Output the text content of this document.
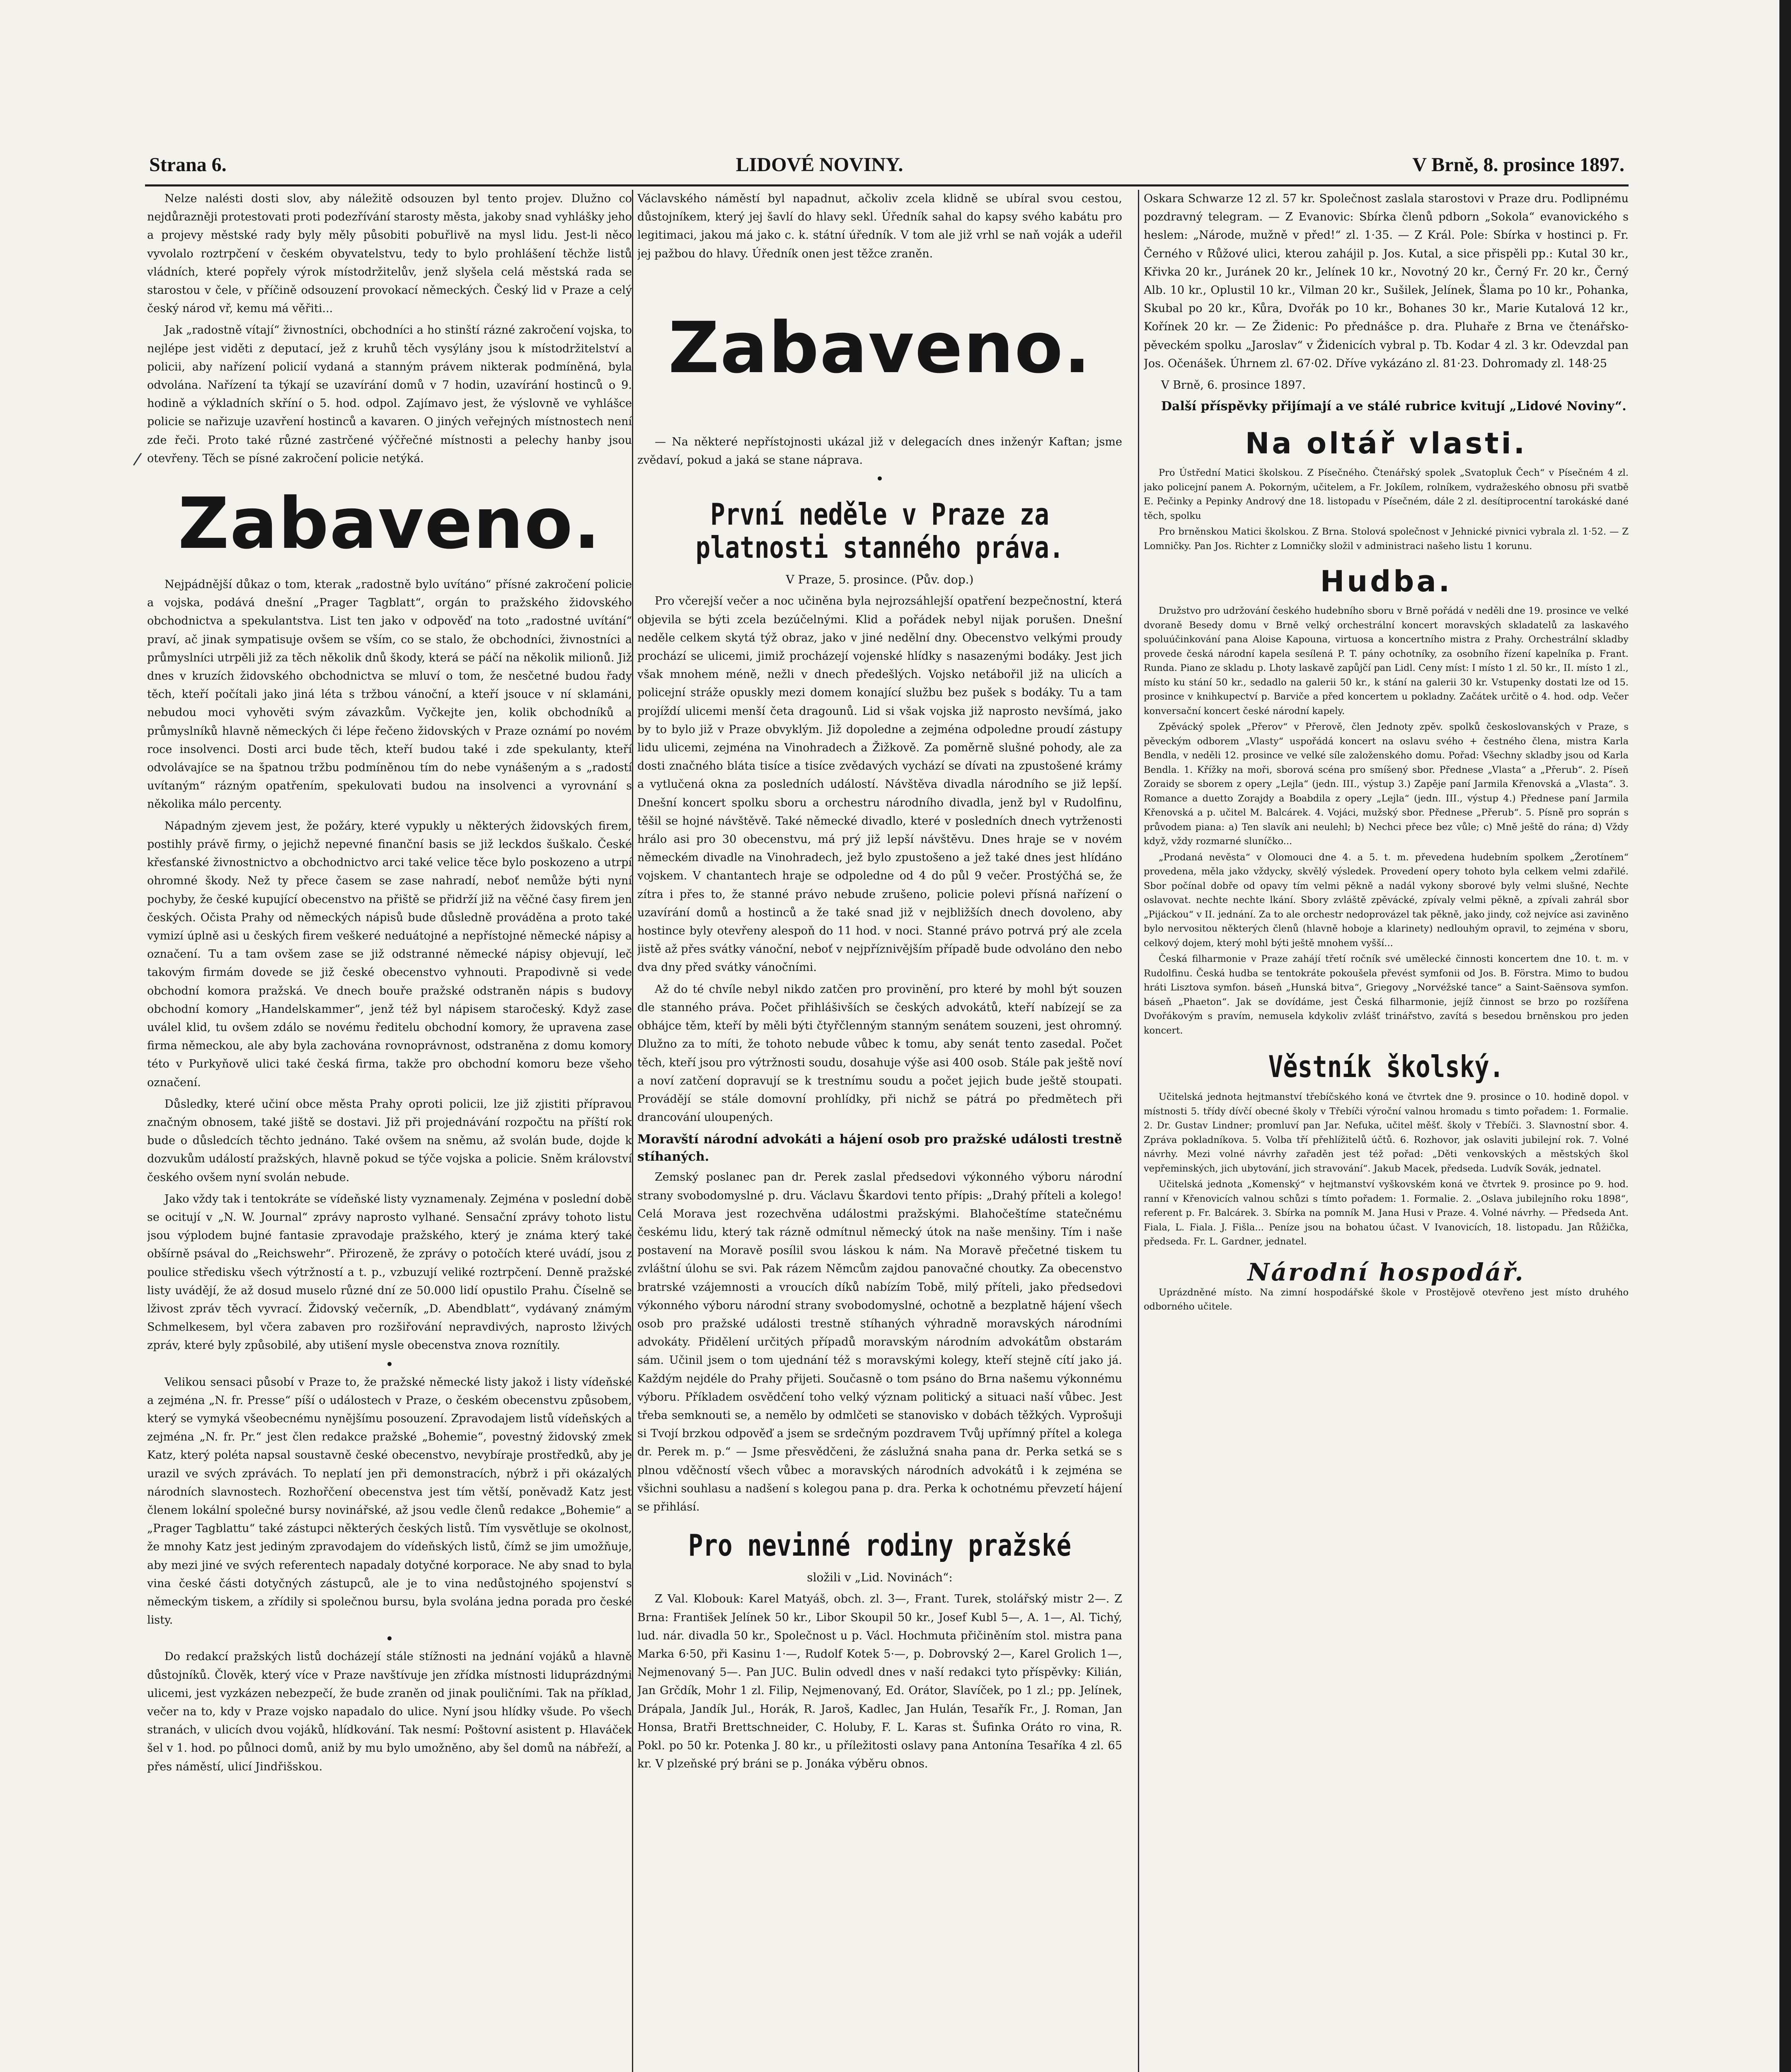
Strana 6.	LIDOVÉ NOVINY.	V Brně, 8. prosince 1897.
/

Nelze nalésti dosti slov, aby náležitě odsouzen byl tento projev. Dlužno co nejdůrazněji protestovati proti podezřívání starosty města, jakoby snad vyhlášky jeho a projevy městské rady byly měly působiti pobuřlivě na mysl lidu. Jest-li něco vyvolalo roztrpčení v českém obyvatelstvu, tedy to bylo prohlášení těchže listů vládních, které popřely výrok místodržitelův, jenž slyšela celá městská rada se starostou v čele, v příčině odsouzení provokací německých. Český lid v Praze a celý český národ vř, kemu má věřiti...

Jak „radostně vítají“ živnostníci, obchodníci a ho stinští rázné zakročení vojska, to nejlépe jest viděti z deputací, jež z kruhů těch vysýlány jsou k místodržitelství a policii, aby nařízení policií vydaná a stanným právem nikterak podmíněná, byla odvolána. Nařízení ta týkají se uzavírání domů v 7 hodin, uzavírání hostinců o 9. hodině a výkladních skříní o 5. hod. odpol. Zajímavo jest, že výslovně ve vyhlášce policie se nařizuje uzavření hostinců a kavaren. O jiných veřejných místnostech není zde řeči. Proto také různé zastrčené výčřečné místnosti a pelechy hanby jsou otevřeny. Těch se písné zakročení policie netýká.

Zabaveno.

Nejpádnější důkaz o tom, kterak „radostně bylo uvítáno“ přísné zakročení policie a vojska, podává dnešní „Prager Tagblatt“, orgán to pražského židovského obchodnictva a spekulantstva. List ten jako v odpověď na toto „radostné uvítání“ praví, ač jinak sympatisuje ovšem se vším, co se stalo, že obchodníci, živnostníci a průmyslníci utrpěli již za těch několik dnů škody, která se páčí na několik milionů. Již dnes v kruzích židovského obchodnictva se mluví o tom, že nesčetné budou řady těch, kteří počítali jako jiná léta s tržbou vánoční, a kteří jsouce v ní sklamáni, nebudou moci vyhověti svým závazkům. Vyčkejte jen, kolik obchodníků a průmyslníků hlavně německých či lépe řečeno židovských v Praze oznámí po novém roce insolvenci. Dosti arci bude těch, kteří budou také i zde spekulanty, kteří odvolávajíce se na špatnou tržbu podmíněnou tím do nebe vynášeným a s „radostí uvítaným“ rázným opatřením, spekulovati budou na insolvenci a vyrovnání s několika málo percenty.

Nápadným zjevem jest, že požáry, které vypukly u některých židovských firem, postihly právě firmy, o jejichž nepevné finanční basis se již leckdos šuškalo. České křesťanské živnostnictvo a obchodnictvo arci také velice těce bylo poskozeno a utrpí ohromné škody. Než ty přece časem se zase nahradí, neboť nemůže býti nyní pochyby, že české kupující obecenstvo na přiště se přidrží již na věčné časy firem jen českých. Očista Prahy od německých nápisů bude důsledně prováděna a proto také vymizí úplně asi u českých firem veškeré neduátojné a nepřístojné německé nápisy a označení. Tu a tam ovšem zase se již odstranné německé nápisy objevují, leč takovým firmám dovede se již české obecenstvo vyhnouti. Prapodivně si vede obchodní komora pražská. Ve dnech bouře pražské odstraněn nápis s budovy obchodní komory „Handelskammer“, jenž též byl nápisem staročeský. Když zase uválel klid, tu ovšem zdálo se novému ředitelu obchodní komory, že upravena zase firma německou, ale aby byla zachována rovnoprávnost, odstraněna z domu komory této v Purkyňově ulici také česká firma, takže pro obchodní komoru beze všeho označení.

Důsledky, které učiní obce města Prahy oproti policii, lze již zjistiti přípravou značným obnosem, také jiště se dostavi. Již při projednávání rozpočtu na příští rok bude o důsledcích těchto jednáno. Také ovšem na sněmu, až svolán bude, dojde k dozvukům událostí pražských, hlavně pokud se týče vojska a policie. Sněm království českého ovšem nyní svolán nebude.

Jako vždy tak i tentokráte se vídeňské listy vyznamenaly. Zejména v poslední době se ocitují v „N. W. Journal“ zprávy naprosto vylhané. Sensační zprávy tohoto listu jsou výplodem bujné fantasie zpravodaje pražského, který je známa který také obšírně psával do „Reichswehr“. Přirozeně, že zprávy o potočích které uvádí, jsou z poulice středisku všech výtržností a t. p., vzbuzují veliké roztrpčení. Denně pražské listy uvádějí, že až dosud muselo různé dní ze 50.000 lidí opustilo Prahu. Číselně se lživost zpráv těch vyvrací. Židovský večerník, „D. Abendblatt“, vydávaný známým Schmelkesem, byl včera zabaven pro rozšiřování nepravdivých, naprosto lživých zpráv, které byly způsobilé, aby utišení mysle obecenstva znova roznítily.

•

Velikou sensaci působí v Praze to, že pražské německé listy jakož i listy vídeňské a zejména „N. fr. Presse“ píší o událostech v Praze, o českém obecenstvu způsobem, který se vymyká všeobecnému nynějšímu posouzení. Zpravodajem listů vídeňských a zejména „N. fr. Pr.“ jest člen redakce pražské „Bohemie“, povestný židovský zmek Katz, který poléta napsal soustavně české obecenstvo, nevybíraje prostředků, aby je urazil ve svých zprávách. To neplatí jen při demonstracích, nýbrž i při okázalých národních slavnostech. Rozhořčení obecenstva jest tím větší, poněvadž Katz jest členem lokální společné bursy novinářské, až jsou vedle členů redakce „Bohemie“ a „Prager Tagblattu“ také zástupci některých českých listů. Tím vysvětluje se okolnost, že mnohy Katz jest jediným zpravodajem do vídeňských listů, čímž se jim umožňuje, aby mezi jiné ve svých referentech napadaly dotyčné korporace. Ne aby snad to byla vina české části dotyčných zástupců, ale je to vina nedůstojného spojenství s německým tiskem, a zřídily si společnou bursu, byla svolána jedna porada pro české listy.

•

Do redakcí pražských listů docházejí stále stížnosti na jednání vojáků a hlavně důstojníků. Člověk, který více v Praze navštívuje jen zřídka místnosti liduprázdnými ulicemi, jest vyzkázen nebezpečí, že bude zraněn od jinak pouličními. Tak na příklad, večer na to, kdy v Praze vojsko napadalo do ulice. Nyní jsou hlídky všude. Po všech stranách, v ulicích dvou vojáků, hlídkování. Tak nesmí: Poštovní asistent p. Hlaváček šel v 1. hod. po půlnoci domů, aniž by mu bylo umožněno, aby šel domů na nábřeží, a přes náměstí, ulicí Jindřišskou.

Václavského náměstí byl napadnut, ačkoliv zcela klidně se ubíral svou cestou, důstojníkem, který jej šavlí do hlavy sekl. Úředník sahal do kapsy svého kabátu pro legitimaci, jakou má jako c. k. státní úředník. V tom ale již vrhl se naň voják a udeřil jej pažbou do hlavy. Úředník onen jest těžce zraněn.

Zabaveno.

— Na některé nepřístojnosti ukázal již v delegacích dnes inženýr Kaftan; jsme zvědaví, pokud a jaká se stane náprava.

•
První neděle v Praze za platnosti stanného práva.
V Praze, 5. prosince. (Pův. dop.)

Pro včerejší večer a noc učiněna byla nejrozsáhlejší opatření bezpečnostní, která objevila se býti zcela bezúčelnými. Klid a pořádek nebyl nijak porušen. Dnešní neděle celkem skytá týž obraz, jako v jiné nedělní dny. Obecenstvo velkými proudy prochází se ulicemi, jimiž procházejí vojenské hlídky s nasazenými bodáky. Jest jich však mnohem méně, nežli v dnech předešlých. Vojsko netábořil již na ulicích a policejní stráže opuskly mezi domem konající službu bez pušek s bodáky. Tu a tam projíždí ulicemi menší četa dragounů. Lid si však vojska již naprosto nevšímá, jako by to bylo již v Praze obvyklým. Již dopoledne a zejména odpoledne proudí zástupy lidu ulicemi, zejména na Vinohradech a Žižkově. Za poměrně slušné pohody, ale za dosti značného bláta tisíce a tisíce zvědavých vychází se dívati na zpustošené krámy a vytlučená okna za posledních událostí. Návštěva divadla národního se již lepší. Dnešní koncert spolku sboru a orchestru národního divadla, jenž byl v Rudolfinu, těšil se hojné návštěvě. Také německé divadlo, které v posledních dnech vytrženosti hrálo asi pro 30 obecenstvu, má prý již lepší návštěvu. Dnes hraje se v novém německém divadle na Vinohradech, jež bylo zpustošeno a jež také dnes jest hlídáno vojskem. V chantantech hraje se odpoledne od 4 do půl 9 večer. Prostýčhá se, že zítra i přes to, že stanné právo nebude zrušeno, policie polevi přísná nařízení o uzavírání domů a hostinců a že také snad již v nejbližších dnech dovoleno, aby hostince byly otevřeny alespoň do 11 hod. v noci. Stanné právo potrvá prý ale zcela jistě až přes svátky vánoční, neboť v nejpříznivějším případě bude odvoláno den nebo dva dny před svátky vánočními.

Až do té chvíle nebyl nikdo zatčen pro provinění, pro které by mohl být souzen dle stanného práva. Počet přihlášivších se českých advokátů, kteří nabízejí se za obhájce těm, kteří by měli býti čtyřčlenným stanným senátem souzeni, jest ohromný. Dlužno za to míti, že tohoto nebude vůbec k tomu, aby senát tento zasedal. Počet těch, kteří jsou pro výtržnosti soudu, dosahuje výše asi 400 osob. Stále pak ještě noví a noví zatčení dopravují se k trestnímu soudu a počet jejich bude ještě stoupati. Provádějí se stále domovní prohlídky, při nichž se pátrá po předmětech při drancování uloupených.

Moravští národní advokáti a hájení osob pro pražské události trestně stíhaných.

Zemský poslanec pan dr. Perek zaslal předsedovi výkonného výboru národní strany svobodomyslné p. dru. Václavu Škardovi tento přípis: „Drahý příteli a kolego! Celá Morava jest rozechvěna událostmi pražskými. Blahočeštíme statečnému českému lidu, který tak rázně odmítnul německý útok na naše menšiny. Tím i naše postavení na Moravě posílil svou láskou k nám. Na Moravě přečetné tiskem tu zvláštní úlohu se svi. Pak rázem Němcům zajdou panovačné choutky. Za obecenstvo bratrské vzájemnosti a vroucích díků nabízím Tobě, milý příteli, jako předsedovi výkonného výboru národní strany svobodomyslné, ochotně a bezplatně hájení všech osob pro pražské události trestně stíhaných výhradně moravských národními advokáty. Přidělení určitých případů moravským národním advokátům obstarám sám. Učinil jsem o tom ujednání též s moravskými kolegy, kteří stejně cítí jako já. Každým nejdéle do Prahy přijeti. Současně o tom psáno do Brna našemu výkonnému výboru. Příkladem osvědčení toho velký význam politický a situaci naší vůbec. Jest třeba semknouti se, a nemělo by odmlčeti se stanovisko v dobách těžkých. Vyprošuji si Tvojí brzkou odpověď a jsem se srdečným pozdravem Tvůj upřímný přítel a kolega dr. Perek m. p.“ — Jsme přesvědčeni, že záslužná snaha pana dr. Perka setká se s plnou vděčností všech vůbec a moravských národních advokátů i k zejména se všichni souhlasu a nadšení s kolegou pana p. dra. Perka k ochotnému převzetí hájení se přihlásí.

Pro nevinné rodiny pražské
složili v „Lid. Novinách“:

Z Val. Klobouk: Karel Matyáš, obch. zl. 3—, Frant. Turek, stolářský mistr 2—. Z Brna: František Jelínek 50 kr., Libor Skoupil 50 kr., Josef Kubl 5—, A. 1—, Al. Tichý, lud. nár. divadla 50 kr., Společnost u p. Václ. Hochmuta přičiněním stol. mistra pana Marka 6·50, při Kasinu 1·—, Rudolf Kotek 5·—, p. Dobrovský 2—, Karel Grolich 1—, Nejmenovaný 5—. Pan JUC. Bulin odvedl dnes v naší redakci tyto příspěvky: Kilián, Jan Grčdík, Mohr 1 zl. Filip, Nejmenovaný, Ed. Orátor, Slavíček, po 1 zl.; pp. Jelínek, Drápala, Jandík Jul., Horák, R. Jaroš, Kadlec, Jan Hulán, Tesařík Fr., J. Roman, Jan Honsa, Bratři Brettschneider, C. Holuby, F. L. Karas st. Šufinka Oráto ro vina, R. Pokl. po 50 kr. Potenka J. 80 kr., u příležitosti oslavy pana Antonína Tesaříka 4 zl. 65 kr. V plzeňské prý bráni se p. Jonáka výběru obnos.

Oskara Schwarze 12 zl. 57 kr. Společnost zaslala starostovi v Praze dru. Podlipnému pozdravný telegram. — Z Evanovic: Sbírka členů pdborn „Sokola“ evanovického s heslem: „Národe, mužně v před!“ zl. 1·35. — Z Král. Pole: Sbírka v hostinci p. Fr. Černého v Růžové ulici, kterou zahájil p. Jos. Kutal, a sice přispěli pp.: Kutal 30 kr., Křivka 20 kr., Juránek 20 kr., Jelínek 10 kr., Novotný 20 kr., Černý Fr. 20 kr., Černý Alb. 10 kr., Oplustil 10 kr., Vilman 20 kr., Sušilek, Jelínek, Šlama po 10 kr., Pohanka, Skubal po 20 kr., Kůra, Dvořák po 10 kr., Bohanes 30 kr., Marie Kutalová 12 kr., Kořínek 20 kr. — Ze Židenic: Po přednášce p. dra. Pluhaře z Brna ve čtenářsko-pěveckém spolku „Jaroslav“ v Židenicích vybral p. Tb. Kodar 4 zl. 3 kr. Odevzdal pan Jos. Očenášek. Úhrnem zl. 67·02. Dříve vykázáno zl. 81·23. Dohromady zl. 148·25

V Brně, 6. prosince 1897.

Další příspěvky přijímají a ve stálé rubrice kvitují „Lidové Noviny“.

Na oltář vlasti.

Pro Ústřední Matici školskou. Z Písečného. Čtenářský spolek „Svatopluk Čech“ v Písečném 4 zl. jako policejní panem A. Pokorným, učitelem, a Fr. Jokílem, rolníkem, vydražeského obnosu při svatbě E. Pečinky a Pepinky Andrový dne 18. listopadu v Písečném, dále 2 zl. desítiprocentní tarokáské dané těch, spolku

Pro brněnskou Matici školskou. Z Brna. Stolová společnost v Jehnické pivnici vybrala zl. 1·52. — Z Lomničky. Pan Jos. Richter z Lomničky složil v administraci našeho listu 1 korunu.

Hudba.

Družstvo pro udržování českého hudebního sboru v Brně pořádá v neděli dne 19. prosince ve velké dvoraně Besedy domu v Brně velký orchestrální koncert moravských skladatelů za laskavého spoluúčinkování pana Aloise Kapouna, virtuosa a koncertního mistra z Prahy. Orchestrální skladby provede česká národní kapela sesílená P. T. pány ochotníky, za osobního řízení kapelníka p. Frant. Runda. Piano ze skladu p. Lhoty laskavě zapůjčí pan Lidl. Ceny míst: I místo 1 zl. 50 kr., II. místo 1 zl., místo ku stání 50 kr., sedadlo na galerii 50 kr., k stání na galerii 30 kr. Vstupenky dostati lze od 15. prosince v knihkupectví p. Barviče a před koncertem u pokladny. Začátek určitě o 4. hod. odp. Večer konversační koncert české národní kapely.

Zpěvácký spolek „Přerov“ v Přerově, člen Jednoty zpěv. spolků českoslovanských v Praze, s pěveckým odborem „Vlasty“ uspořádá koncert na oslavu svého + čestného člena, mistra Karla Bendla, v neděli 12. prosince ve velké síle založenského domu. Pořad: Všechny skladby jsou od Karla Bendla. 1. Křížky na moři, sborová scéna pro smíšený sbor. Přednese „Vlasta“ a „Přerub“. 2. Píseň Zoraidy se sborem z opery „Lejla“ (jedn. III., výstup 3.) Zapěje paní Jarmila Křenovská a „Vlasta“. 3. Romance a duetto Zorajdy a Boabdila z opery „Lejla“ (jedn. III., výstup 4.) Přednese paní Jarmila Křenovská a p. učitel M. Balcárek. 4. Vojáci, mužský sbor. Přednese „Přerub“. 5. Písně pro soprán s průvodem piana: a) Ten slavík ani neulehl; b) Nechci přece bez vůle; c) Mně ještě do rána; d) Vždy když, vždy rozmarné sluníčko...

„Prodaná nevěsta“ v Olomouci dne 4. a 5. t. m. převedena hudebním spolkem „Žerotínem“ provedena, měla jako vždycky, skvělý výsledek. Provedení opery tohoto byla celkem velmi zdařilé. Sbor počínal dobře od opavy tím velmi pěkně a nadál vykony sborové byly velmi slušné, Nechte oslavovat. nechte nechte lkání. Sbory zvláště zpěvácké, zpívaly velmi pěkně, a zpívali zahrál sbor „Pijáckou“ v II. jednání. Za to ale orchestr nedoprovázel tak pěkně, jako jindy, což nejvíce asi zaviněno bylo nervositou některých členů (hlavně hoboje a klarinety) nedlouhým opravil, to zejména v sboru, celkový dojem, který mohl býti ještě mnohem vyšší...

Česká filharmonie v Praze zahájí třetí ročník své umělecké činnosti koncertem dne 10. t. m. v Rudolfinu. Česká hudba se tentokráte pokoušela převést symfonii od Jos. B. Förstra. Mimo to budou hráti Lisztova symfon. báseň „Hunská bitva“, Griegovy „Norvéžské tance“ a Saint-Saënsova symfon. báseň „Phaeton“. Jak se dovídáme, jest Česká filharmonie, jejíž činnost se brzo po rozšířena Dvořákovým s pravím, nemusela kdykoliv zvlášť trinářstvo, zavítá s besedou brněnskou pro jeden koncert.

Věstník školský.

Učitelská jednota hejtmanství třebíčského koná ve čtvrtek dne 9. prosince o 10. hodině dopol. v místnosti 5. třídy dívčí obecné školy v Třebíči výroční valnou hromadu s timto pořadem: 1. Formalie. 2. Dr. Gustav Lindner; promluví pan Jar. Nefuka, učitel měšť. školy v Třebíči. 3. Slavnostní sbor. 4. Zpráva pokladníkova. 5. Volba tří přehlížitelů účtů. 6. Rozhovor, jak oslaviti jubilejní rok. 7. Volné návrhy. Mezi volné návrhy zařaděn jest též pořad: „Děti venkovských a městských škol vepřeminských, jich ubytování, jich stravování“. Jakub Macek, předseda. Ludvík Sovák, jednatel.

Učitelská jednota „Komenský“ v hejtmanství vyškovském koná ve čtvrtek 9. prosince po 9. hod. ranní v Křenovicích valnou schůzi s tímto pořadem: 1. Formalie. 2. „Oslava jubilejního roku 1898“, referent p. Fr. Balcárek. 3. Sbírka na pomník M. Jana Husi v Praze. 4. Volné návrhy. — Předseda Ant. Fiala, L. Fiala. J. Fišla... Peníze jsou na bohatou účast. V Ivanovicích, 18. listopadu. Jan Růžička, předseda. Fr. L. Gardner, jednatel.

Národní hospodář.

Uprázdněné místo. Na zimní hospodářské škole v Prostějově otevřeno jest místo druhého odborného učitele.
